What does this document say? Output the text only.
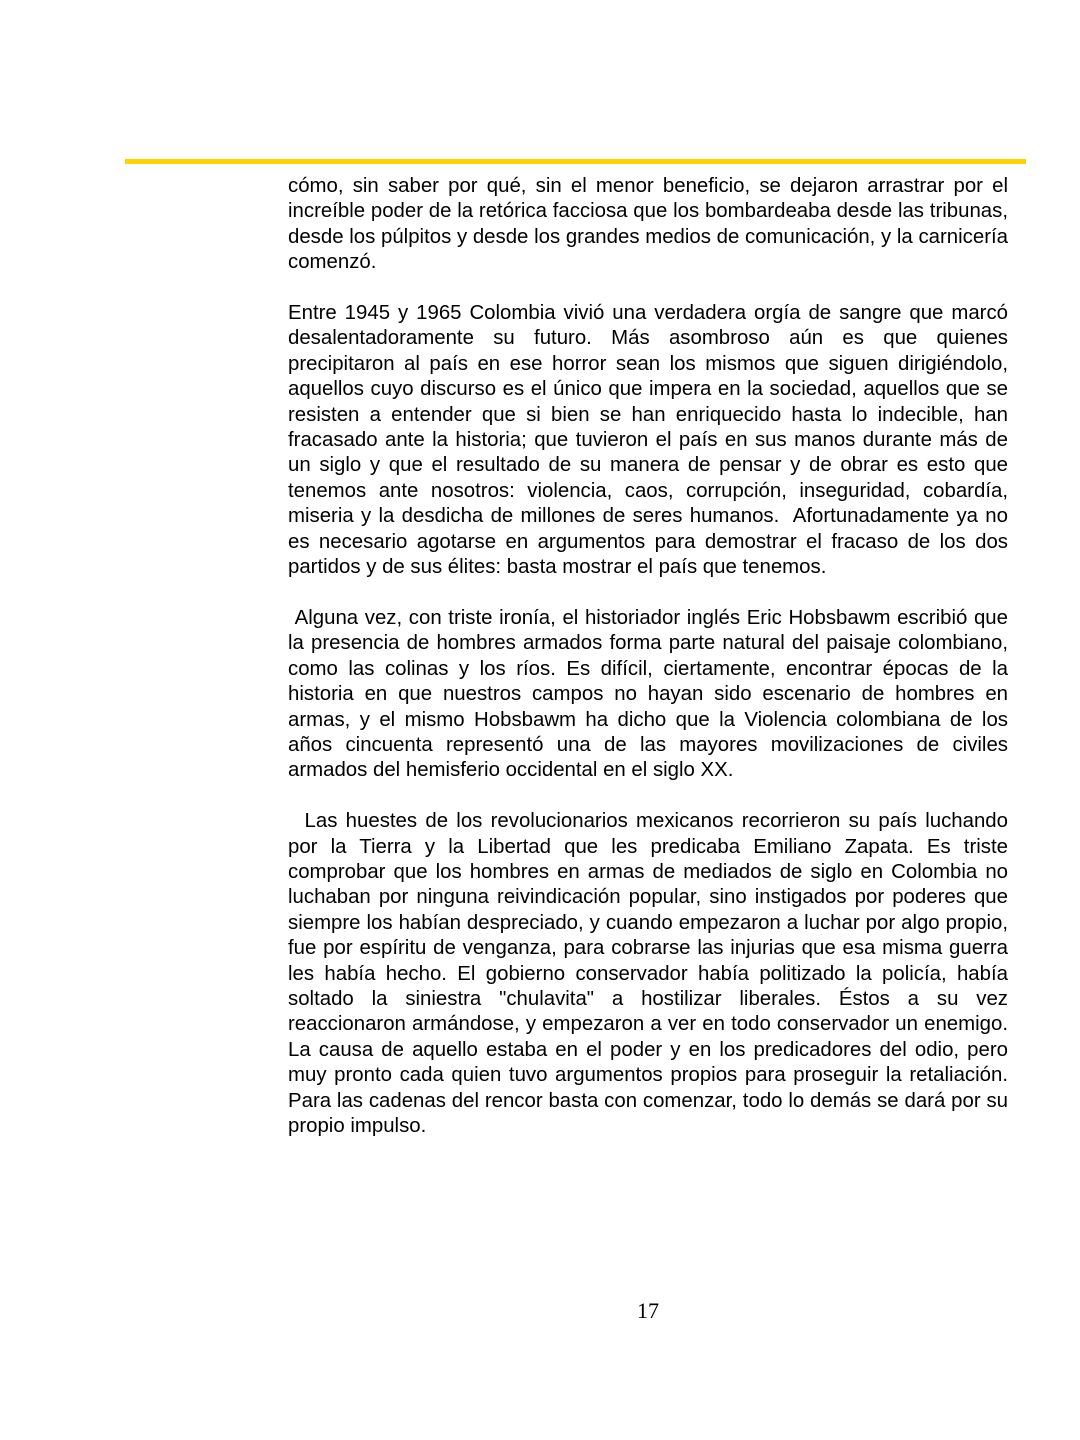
cómo, sin saber por qué, sin el menor beneficio, se dejaron arrastrar por el increíble poder de la retórica facciosa que los bombardeaba desde las tribunas, desde los púlpitos y desde los grandes medios de comunicación, y la carnicería comenzó.

Entre 1945 y 1965 Colombia vivió una verdadera orgía de sangre que marcó desalentadoramente su futuro. Más asombroso aún es que quienes precipitaron al país en ese horror sean los mismos que siguen dirigiéndolo, aquellos cuyo discurso es el único que impera en la sociedad, aquellos que se resisten a entender que si bien se han enriquecido hasta lo indecible, han fracasado ante la historia; que tuvieron el país en sus manos durante más de un siglo y que el resultado de su manera de pensar y de obrar es esto que tenemos ante nosotros: violencia, caos, corrupción, inseguridad, cobardía, miseria y la desdicha de millones de seres humanos.  Afortunadamente ya no es necesario agotarse en argumentos para demostrar el fracaso de los dos partidos y de sus élites: basta mostrar el país que tenemos.

Alguna vez, con triste ironía, el historiador inglés Eric Hobsbawm escribió que la presencia de hombres armados forma parte natural del paisaje colombiano, como las colinas y los ríos. Es difícil, ciertamente, encontrar épocas de la historia en que nuestros campos no hayan sido escenario de hombres en armas, y el mismo Hobsbawm ha dicho que la Violencia colombiana de los años cincuenta representó una de las mayores movilizaciones de civiles armados del hemisferio occidental en el siglo XX.

Las huestes de los revolucionarios mexicanos recorrieron su país luchando por la Tierra y la Libertad que les predicaba Emiliano Zapata. Es triste comprobar que los hombres en armas de mediados de siglo en Colombia no luchaban por ninguna reivindicación popular, sino instigados por poderes que siempre los habían despreciado, y cuando empezaron a luchar por algo propio, fue por espíritu de venganza, para cobrarse las injurias que esa misma guerra les había hecho. El gobierno conservador había politizado la policía, había soltado la siniestra "chulavita" a hostilizar liberales. Éstos a su vez reaccionaron armándose, y empezaron a ver en todo conservador un enemigo. La causa de aquello estaba en el poder y en los predicadores del odio, pero muy pronto cada quien tuvo argumentos propios para proseguir la retaliación. Para las cadenas del rencor basta con comenzar, todo lo demás se dará por su propio impulso.

17
